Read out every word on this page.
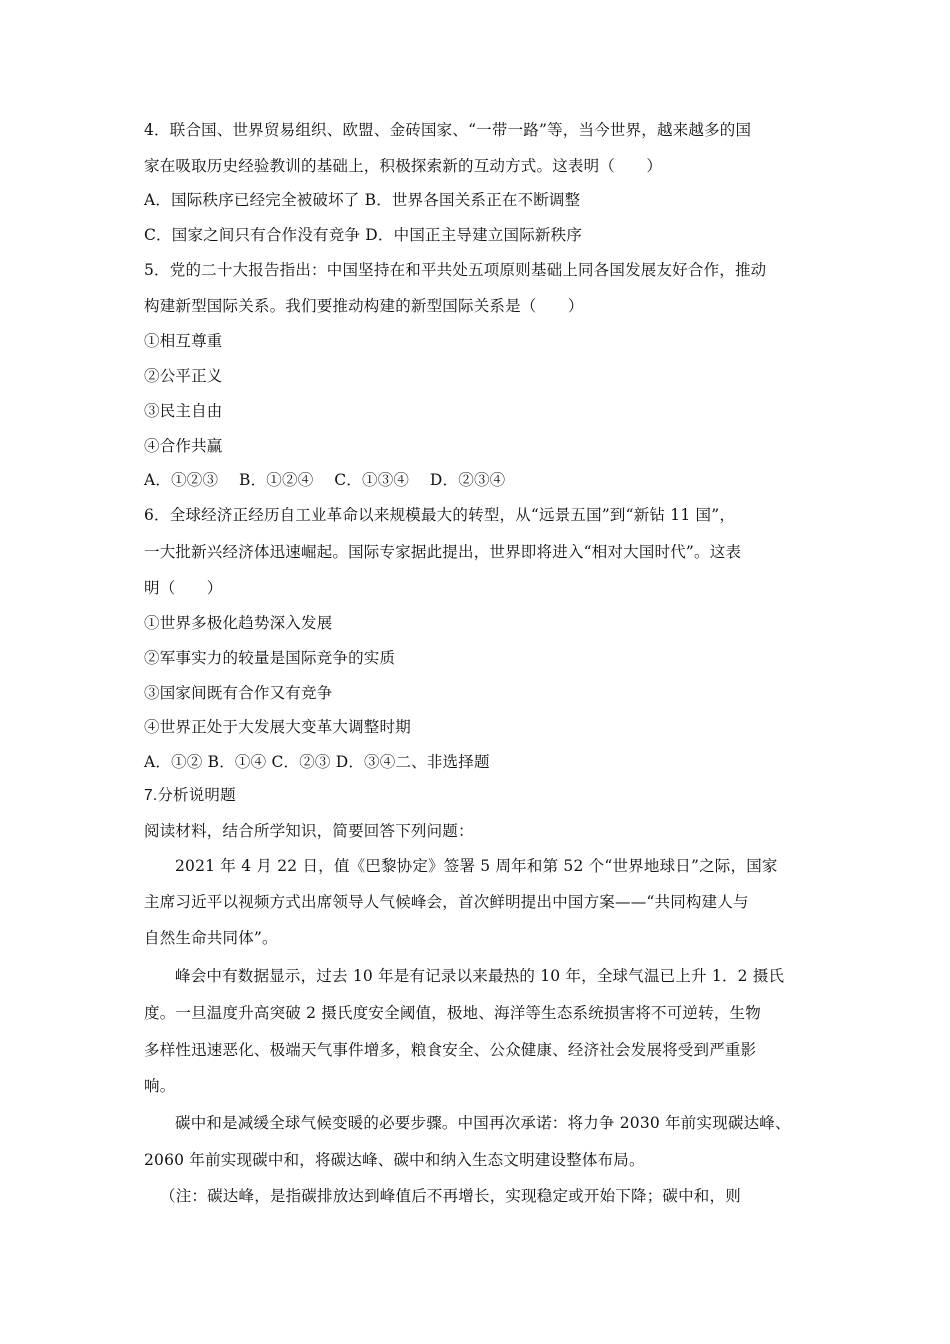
4．联合国、世界贸易组织、欧盟、金砖国家、“一带一路”等，当今世界，越来越多的国
家在吸取历史经验教训的基础上，积极探索新的互动方式。这表明（　　）
A．国际秩序已经完全被破坏了 B．世界各国关系正在不断调整
C．国家之间只有合作没有竞争 D．中国正主导建立国际新秩序
5．党的二十大报告指出：中国坚持在和平共处五项原则基础上同各国发展友好合作，推动
构建新型国际关系。我们要推动构建的新型国际关系是（　　）
①相互尊重
②公平正义
③民主自由
④合作共赢
A．①②③　 B．①②④　 C．①③④　 D．②③④
6．全球经济正经历自工业革命以来规模最大的转型，从“远景五国”到“新钻 11 国”，
一大批新兴经济体迅速崛起。国际专家据此提出，世界即将进入“相对大国时代”。这表
明（　　）
①世界多极化趋势深入发展
②军事实力的较量是国际竞争的实质
③国家间既有合作又有竞争
④世界正处于大发展大变革大调整时期
A．①② B．①④ C．②③ D．③④二、非选择题
7.分析说明题
阅读材料，结合所学知识，简要回答下列问题：
2021 年 4 月 22 日，值《巴黎协定》签署 5 周年和第 52 个“世界地球日”之际，国家
主席习近平以视频方式出席领导人气候峰会，首次鲜明提出中国方案——“共同构建人与
自然生命共同体”。
峰会中有数据显示，过去 10 年是有记录以来最热的 10 年，全球气温已上升 1．2 摄氏
度。一旦温度升高突破 2 摄氏度安全阈值，极地、海洋等生态系统损害将不可逆转，生物
多样性迅速恶化、极端天气事件增多，粮食安全、公众健康、经济社会发展将受到严重影
响。
碳中和是减缓全球气候变暖的必要步骤。中国再次承诺：将力争 2030 年前实现碳达峰、
2060 年前实现碳中和，将碳达峰、碳中和纳入生态文明建设整体布局。
（注：碳达峰，是指碳排放达到峰值后不再增长，实现稳定或开始下降；碳中和，则
